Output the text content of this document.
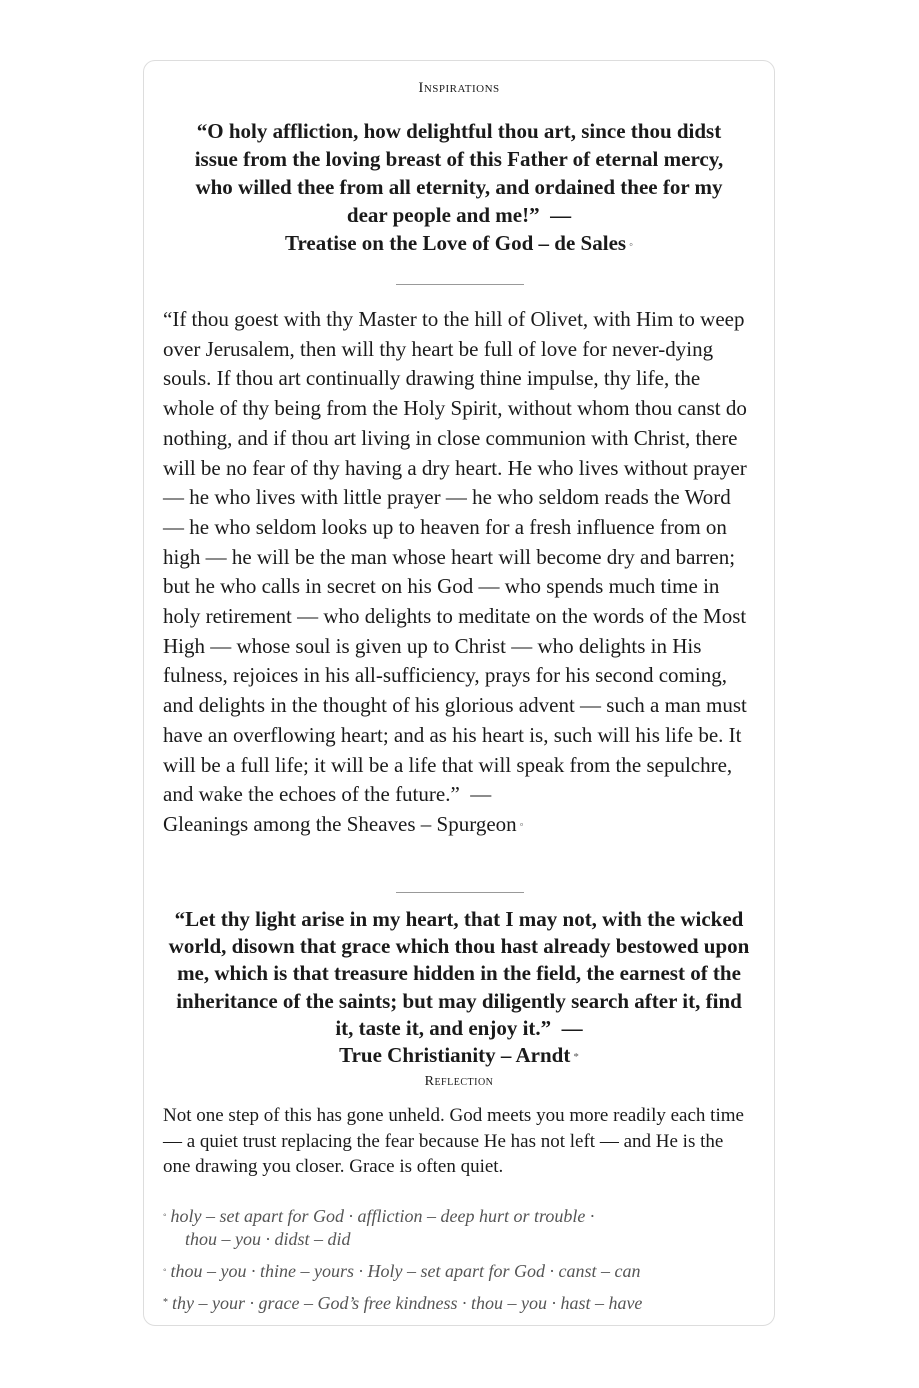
Inspirations
“O holy affliction, how delightful thou art, since thou didst issue from the loving breast of this Father of eternal mercy, who willed thee from all eternity, and ordained thee for my dear people and me!” —
Treatise on the Love of God – de Sales ◦
“If thou goest with thy Master to the hill of Olivet, with Him to weep over Jerusalem, then will thy heart be full of love for never-dying souls. If thou art continually drawing thine impulse, thy life, the whole of thy being from the Holy Spirit, without whom thou canst do nothing, and if thou art living in close communion with Christ, there will be no fear of thy having a dry heart. He who lives without prayer — he who lives with little prayer — he who seldom reads the Word — he who seldom looks up to heaven for a fresh influence from on high — he will be the man whose heart will become dry and barren; but he who calls in secret on his God — who spends much time in holy retirement — who delights to meditate on the words of the Most High — whose soul is given up to Christ — who delights in His fulness, rejoices in his all-sufficiency, prays for his second coming, and delights in the thought of his glorious advent — such a man must have an overflowing heart; and as his heart is, such will his life be. It will be a full life; it will be a life that will speak from the sepulchre, and wake the echoes of the future.” —
Gleanings among the Sheaves – Spurgeon ◦
“Let thy light arise in my heart, that I may not, with the wicked world, disown that grace which thou hast already bestowed upon me, which is that treasure hidden in the field, the earnest of the inheritance of the saints; but may diligently search after it, find it, taste it, and enjoy it.” —
True Christianity – Arndt *
Reflection
Not one step of this has gone unheld. God meets you more readily each time — a quiet trust replacing the fear because He has not left — and He is the one drawing you closer. Grace is often quiet.
◦ holy – set apart for God · affliction – deep hurt or trouble ·
thou – you · didst – did
◦ thou – you · thine – yours · Holy – set apart for God · canst – can
* thy – your · grace – God’s free kindness · thou – you · hast – have
